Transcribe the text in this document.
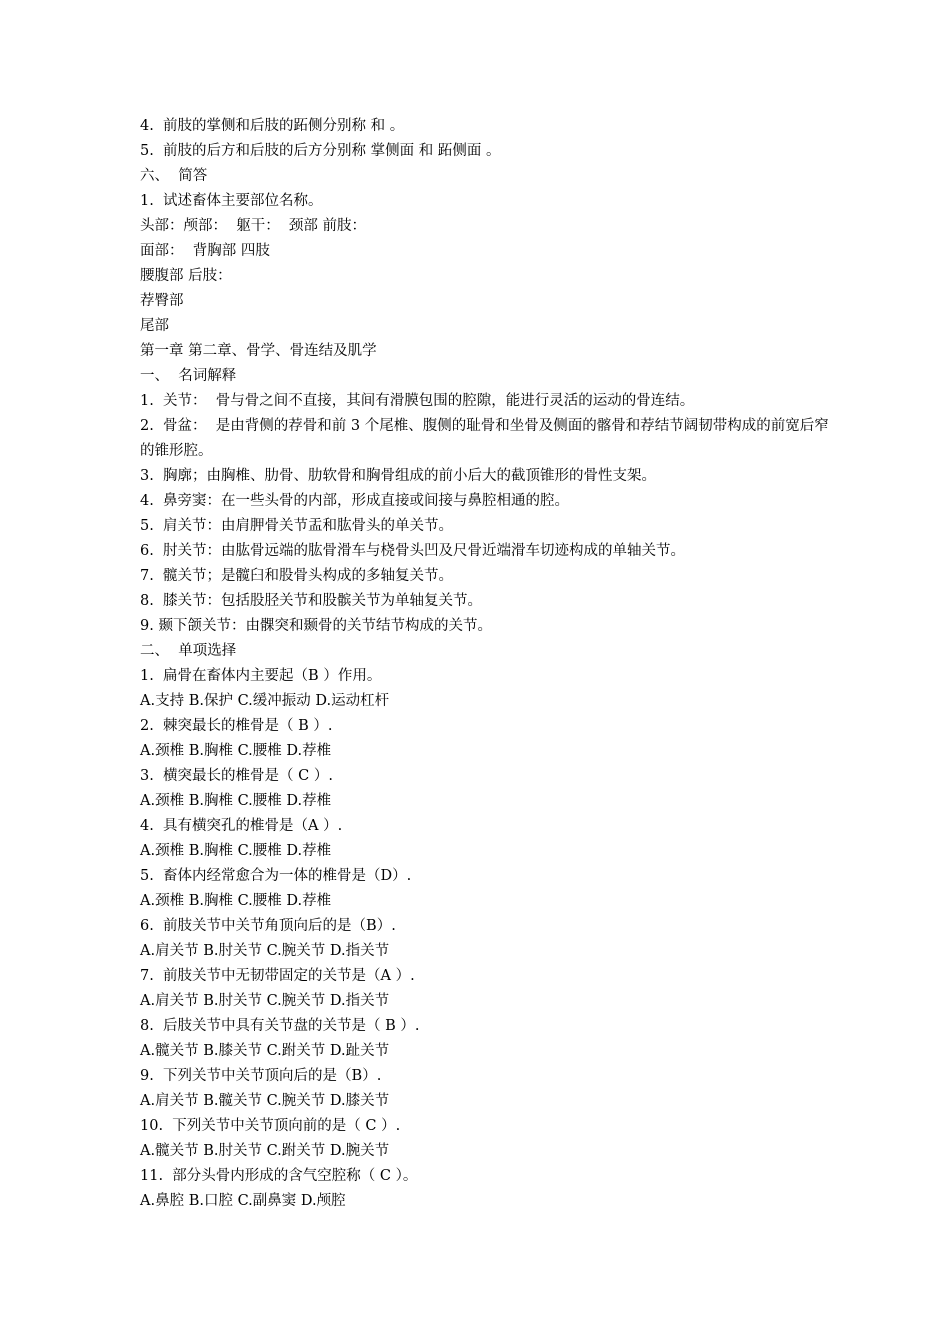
4.  前肢的掌侧和后肢的跖侧分别称 和 。
5.  前肢的后方和后肢的后方分别称 掌侧面 和 跖侧面 。
六、  简答
1.  试述畜体主要部位名称。
头部：颅部：  躯干：  颈部 前肢：
面部：  背胸部 四肢
腰腹部 后肢：
荐臀部
尾部
第一章 第二章、骨学、骨连结及肌学
一、  名词解释
1.  关节：  骨与骨之间不直接，其间有滑膜包围的腔隙，能进行灵活的运动的骨连结。
2.  骨盆：  是由背侧的荐骨和前 3 个尾椎、腹侧的耻骨和坐骨及侧面的髂骨和荐结节阔韧带构成的前宽后窄的锥形腔。
3.  胸廓；由胸椎、肋骨、肋软骨和胸骨组成的前小后大的截顶锥形的骨性支架。
4.  鼻旁窦：在一些头骨的内部，形成直接或间接与鼻腔相通的腔。
5.  肩关节：由肩胛骨关节盂和肱骨头的单关节。
6.  肘关节：由肱骨远端的肱骨滑车与桡骨头凹及尺骨近端滑车切迹构成的单轴关节。
7.  髋关节；是髋臼和股骨头构成的多轴复关节。
8.  膝关节：包括股胫关节和股髌关节为单轴复关节。
9. 颞下颌关节：由髁突和颞骨的关节结节构成的关节。
二、  单项选择
1.  扁骨在畜体内主要起（B ）作用。
A.支持 B.保护 C.缓冲振动 D.运动杠杆
2.  棘突最长的椎骨是（ B ）.
A.颈椎 B.胸椎 C.腰椎 D.荐椎
3.  横突最长的椎骨是（ C ）.
A.颈椎 B.胸椎 C.腰椎 D.荐椎
4.  具有横突孔的椎骨是（A ）.
A.颈椎 B.胸椎 C.腰椎 D.荐椎
5.  畜体内经常愈合为一体的椎骨是（D）.
A.颈椎 B.胸椎 C.腰椎 D.荐椎
6.  前肢关节中关节角顶向后的是（B）.
A.肩关节 B.肘关节 C.腕关节 D.指关节
7.  前肢关节中无韧带固定的关节是（A ）.
A.肩关节 B.肘关节 C.腕关节 D.指关节
8.  后肢关节中具有关节盘的关节是（ B ）.
A.髋关节 B.膝关节 C.跗关节 D.趾关节
9.  下列关节中关节顶向后的是（B）.
A.肩关节 B.髋关节 C.腕关节 D.膝关节
10.  下列关节中关节顶向前的是（ C ）.
A.髋关节 B.肘关节 C.跗关节 D.腕关节
11.  部分头骨内形成的含气空腔称（ C ）。
A.鼻腔 B.口腔 C.副鼻窦 D.颅腔
